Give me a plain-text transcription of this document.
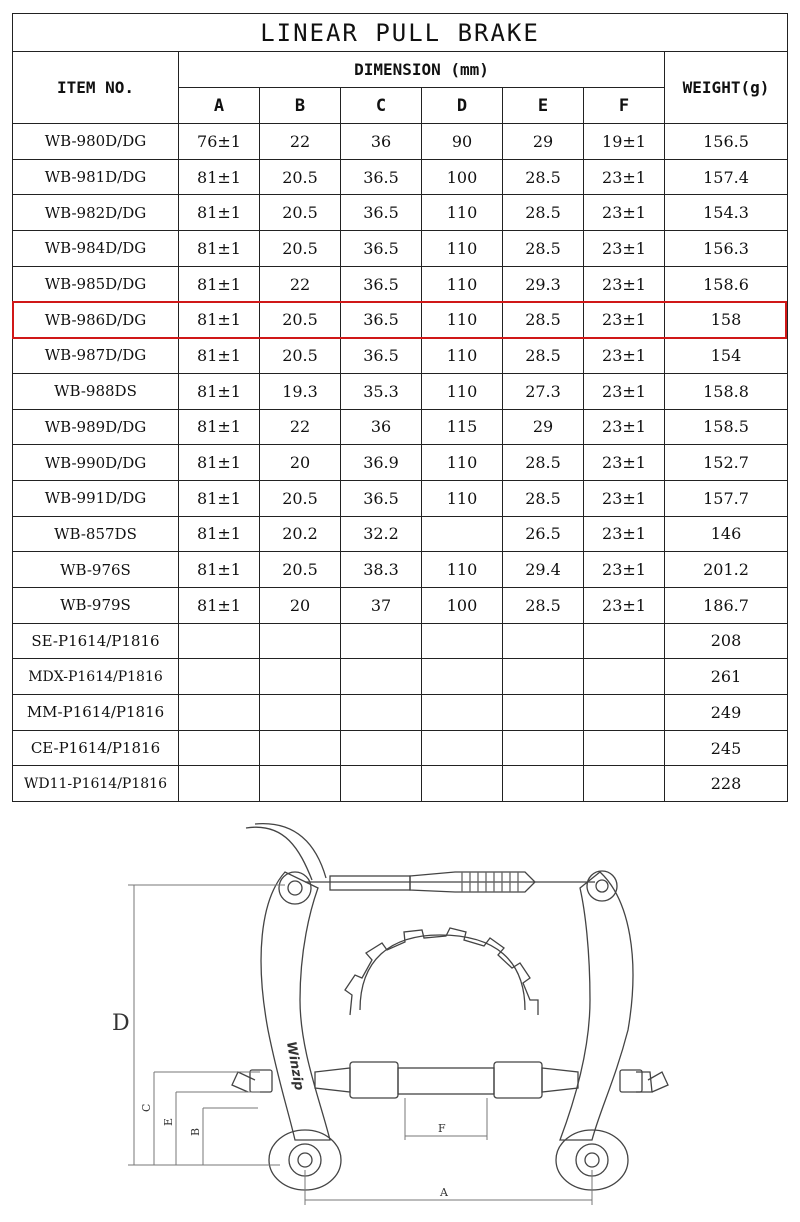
LINEAR PULL BRAKE							
ITEM NO.	DIMENSION (mm)						WEIGHT(g)
	A	B	C	D	E	F	
WB-980D/DG	76±1	22	36	90	29	19±1	156.5
WB-981D/DG	81±1	20.5	36.5	100	28.5	23±1	157.4
WB-982D/DG	81±1	20.5	36.5	110	28.5	23±1	154.3
WB-984D/DG	81±1	20.5	36.5	110	28.5	23±1	156.3
WB-985D/DG	81±1	22	36.5	110	29.3	23±1	158.6
WB-986D/DG	81±1	20.5	36.5	110	28.5	23±1	158
WB-987D/DG	81±1	20.5	36.5	110	28.5	23±1	154
WB-988DS	81±1	19.3	35.3	110	27.3	23±1	158.8
WB-989D/DG	81±1	22	36	115	29	23±1	158.5
WB-990D/DG	81±1	20	36.9	110	28.5	23±1	152.7
WB-991D/DG	81±1	20.5	36.5	110	28.5	23±1	157.7
WB-857DS	81±1	20.2	32.2		26.5	23±1	146
WB-976S	81±1	20.5	38.3	110	29.4	23±1	201.2
WB-979S	81±1	20	37	100	28.5	23±1	186.7
SE-P1614/P1816							208
MDX-P1614/P1816							261
MM-P1614/P1816							249
CE-P1614/P1816							245
WD11-P1614/P1816							228
D
C
E
B	F
A
Winzip
